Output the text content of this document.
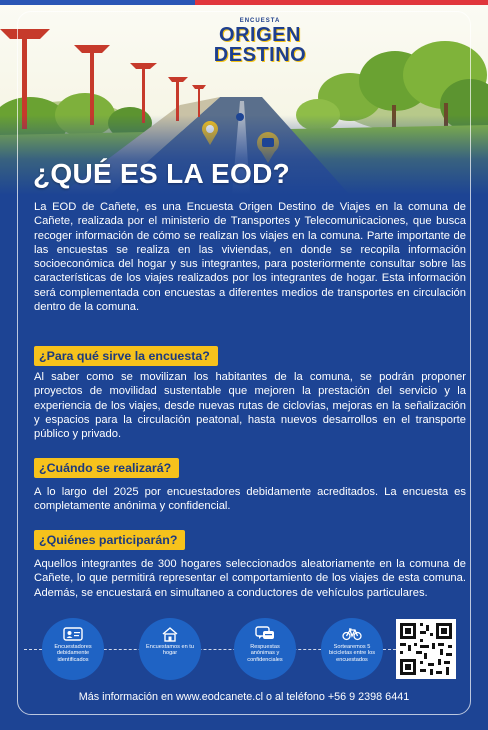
ENCUESTA
ORIGEN
DESTINO
¿QUÉ ES LA EOD?

La EOD de Cañete, es una Encuesta Origen Destino de Viajes en la comuna de Cañete, realizada por el ministerio de Transportes y Telecomunicaciones, que busca recoger información de cómo se realizan los viajes en la comuna. Parte importante de las encuestas se realiza en las viviendas, en donde se recopila información socioeconómica del hogar y sus integrantes, para posteriormente consultar sobre las características de los viajes realizados por los integrantes de hogar. Esta información será complementada con encuestas a diferentes medios de transportes en circulación dentro de la comuna.

¿Para qué sirve la encuesta?

Al saber como se movilizan los habitantes de la comuna, se podrán proponer proyectos de movilidad sustentable que mejoren la prestación del servicio y la experiencia de los viajes, desde nuevas rutas de ciclovías, mejoras en la señalización y espacios para la circulación peatonal, hasta nuevos desarrollos en el transporte público y privado.

¿Cuándo se realizará?

A lo largo del 2025 por encuestadores debidamente acreditados. La encuesta es completamente anónima y confidencial.

¿Quiénes participarán?

Aquellos integrantes de 300 hogares seleccionados aleatoriamente en la comuna de Cañete, lo que permitirá representar el comportamiento de los viajes de esta comuna. Además, se encuestará en simultaneo a conductores de vehículos particulares.

Encuestadores debidamente identificados
Encuestamos en tu hogar
Respuestas anónimas y confidenciales
Sortearemos 5 bicicletas entre los encuestados
Más información en www.eodcanete.cl o al teléfono +56 9 2398 6441
